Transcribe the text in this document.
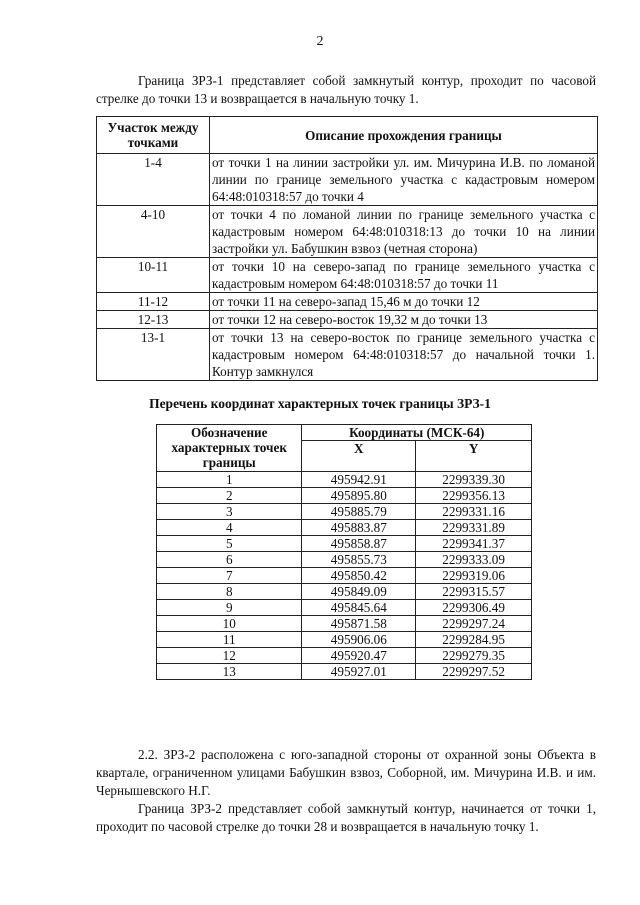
2
Граница ЗРЗ-1 представляет собой замкнутый контур, проходит по часовой стрелке до точки 13 и возвращается в начальную точку 1.
Участок между точками	Описание прохождения границы
1-4	от точки 1 на линии застройки ул. им. Мичурина И.В. по ломаной линии по границе земельного участка с кадастровым номером 64:48:010318:57 до точки 4
4-10	от точки 4 по ломаной линии по границе земельного участка с кадастровым номером 64:48:010318:13 до точки 10 на линии застройки ул. Бабушкин взвоз (четная сторона)
10-11	от точки 10 на северо-запад по границе земельного участка с кадастровым номером 64:48:010318:57 до точки 11
11-12	от точки 11 на северо-запад 15,46 м до точки 12
12-13	от точки 12 на северо-восток 19,32 м до точки 13
13-1	от точки 13 на северо-восток по границе земельного участка с кадастровым номером 64:48:010318:57 до начальной точки 1. Контур замкнулся
Перечень координат характерных точек границы ЗРЗ-1
Обозначение характерных точек границы	Координаты (МСК-64)	
	X	Y
1	495942.91	2299339.30
2	495895.80	2299356.13
3	495885.79	2299331.16
4	495883.87	2299331.89
5	495858.87	2299341.37
6	495855.73	2299333.09
7	495850.42	2299319.06
8	495849.09	2299315.57
9	495845.64	2299306.49
10	495871.58	2299297.24
11	495906.06	2299284.95
12	495920.47	2299279.35
13	495927.01	2299297.52
2.2. ЗРЗ-2 расположена с юго-западной стороны от охранной зоны Объекта в квартале, ограниченном улицами Бабушкин взвоз, Соборной, им. Мичурина И.В. и им. Чернышевского Н.Г.
Граница ЗРЗ-2 представляет собой замкнутый контур, начинается от точки 1, проходит по часовой стрелке до точки 28 и возвращается в начальную точку 1.
